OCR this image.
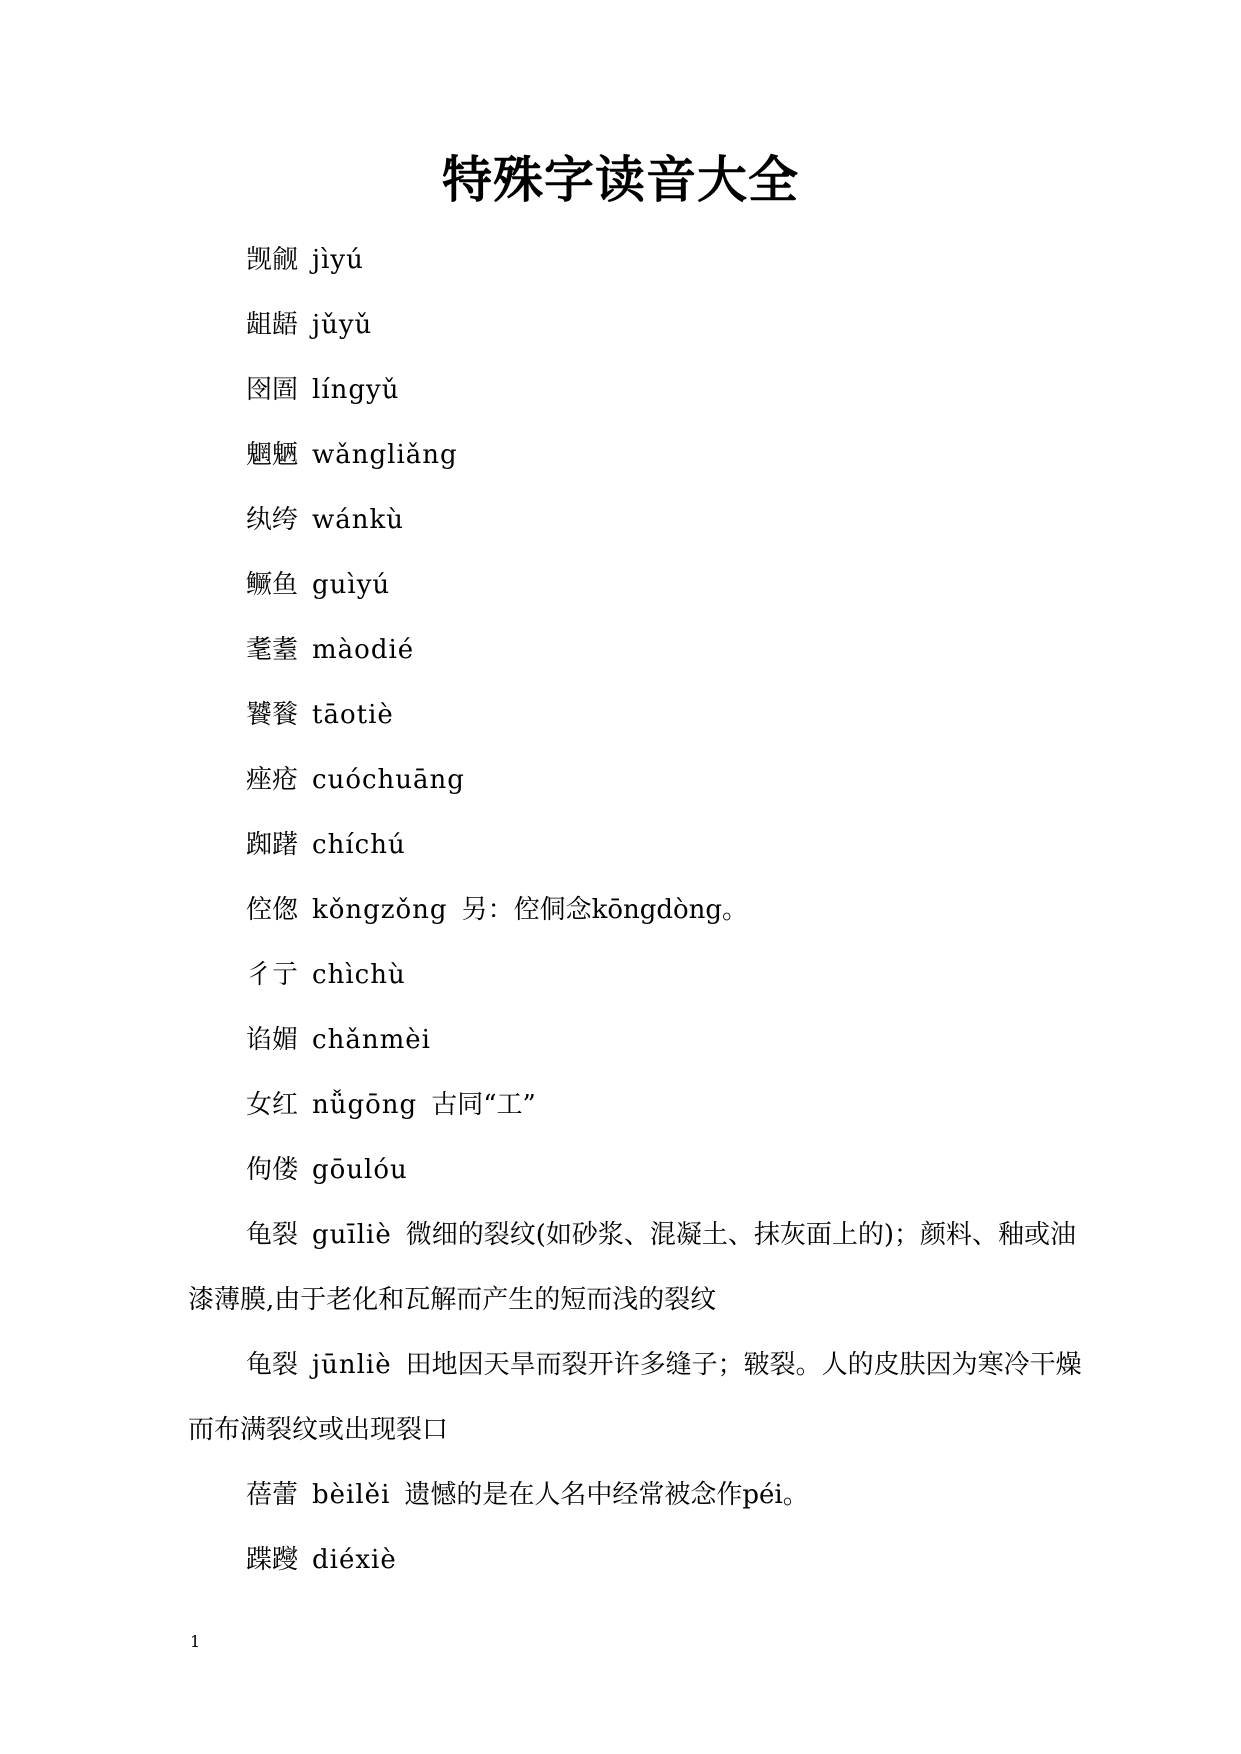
特殊字读音大全
觊觎 jìyú
龃龉 jǔyǔ
囹圄 língyǔ
魍魉 wǎngliǎng
纨绔 wánkù
鳜鱼 guìyú
耄耋 màodié
饕餮 tāotiè
痤疮 cuóchuāng
踟躇 chíchú
倥偬 kǒngzǒng 另：倥侗念kōngdòng。
彳亍 chìchù
谄媚 chǎnmèi
女红 nǚgōng 古同“工”
佝偻 gōulóu
龟裂 guīliè 微细的裂纹(如砂浆、混凝土、抹灰面上的)；颜料、釉或油漆薄膜,由于老化和瓦解而产生的短而浅的裂纹
龟裂 jūnliè 田地因天旱而裂开许多缝子；皲裂。人的皮肤因为寒冷干燥而布满裂纹或出现裂口
蓓蕾 bèilěi 遗憾的是在人名中经常被念作péi。
蹀躞 diéxiè
1
